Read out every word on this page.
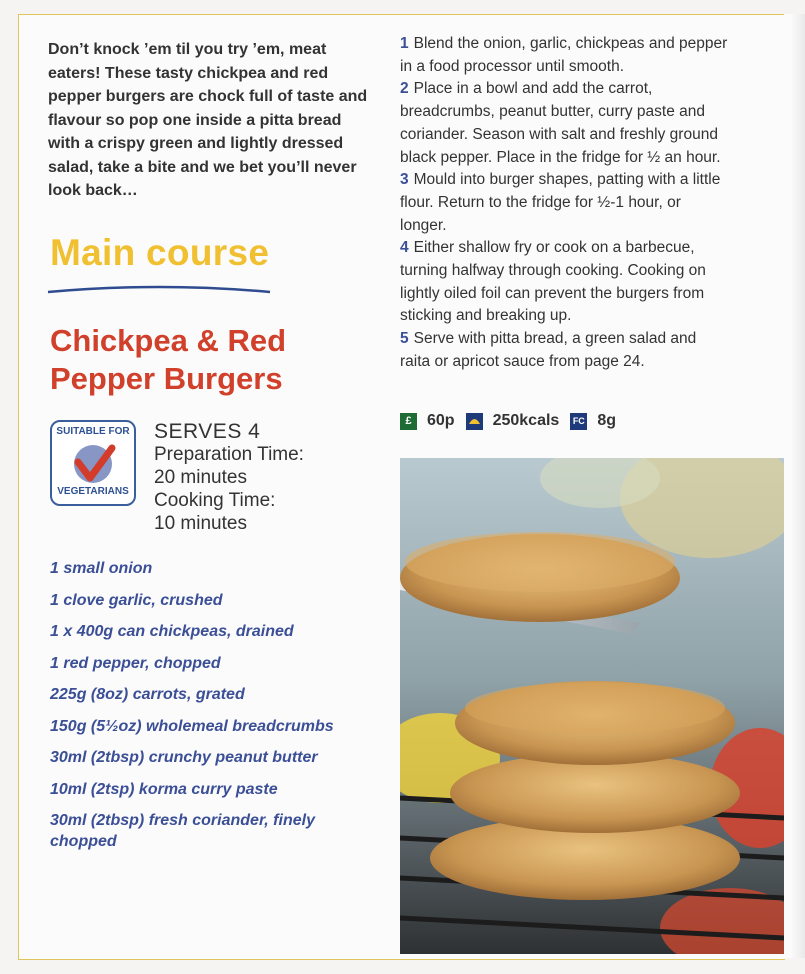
Don’t knock ’em til you try ’em, meat eaters! These tasty chickpea and red pepper burgers are chock full of taste and flavour so pop one inside a pitta bread with a crispy green and lightly dressed salad, take a bite and we bet you’ll never look back…

Main course
Chickpea & Red Pepper Burgers
SUITABLE FOR
VEGETARIANS
SERVES 4
Preparation Time:
20 minutes
Cooking Time:
10 minutes
1 small onion
1 clove garlic, crushed
1 x 400g can chickpeas, drained
1 red pepper, chopped
225g (8oz) carrots, grated
150g (5½oz) wholemeal breadcrumbs
30ml (2tbsp) crunchy peanut butter
10ml (2tsp) korma curry paste
30ml (2tbsp) fresh coriander, finely chopped
1 Blend the onion, garlic, chickpeas and pepper in a food processor until smooth.
2 Place in a bowl and add the carrot, breadcrumbs, peanut butter, curry paste and coriander. Season with salt and freshly ground black pepper. Place in the fridge for ½ an hour.
3 Mould into burger shapes, patting with a little flour. Return to the fridge for ½-1 hour, or longer.
4 Either shallow fry or cook on a barbecue, turning halfway through cooking. Cooking on lightly oiled foil can prevent the burgers from sticking and breaking up.
5 Serve with pitta bread, a green salad and raita or apricot sauce from page 24.
£ 60p 250kcals FC 8g
